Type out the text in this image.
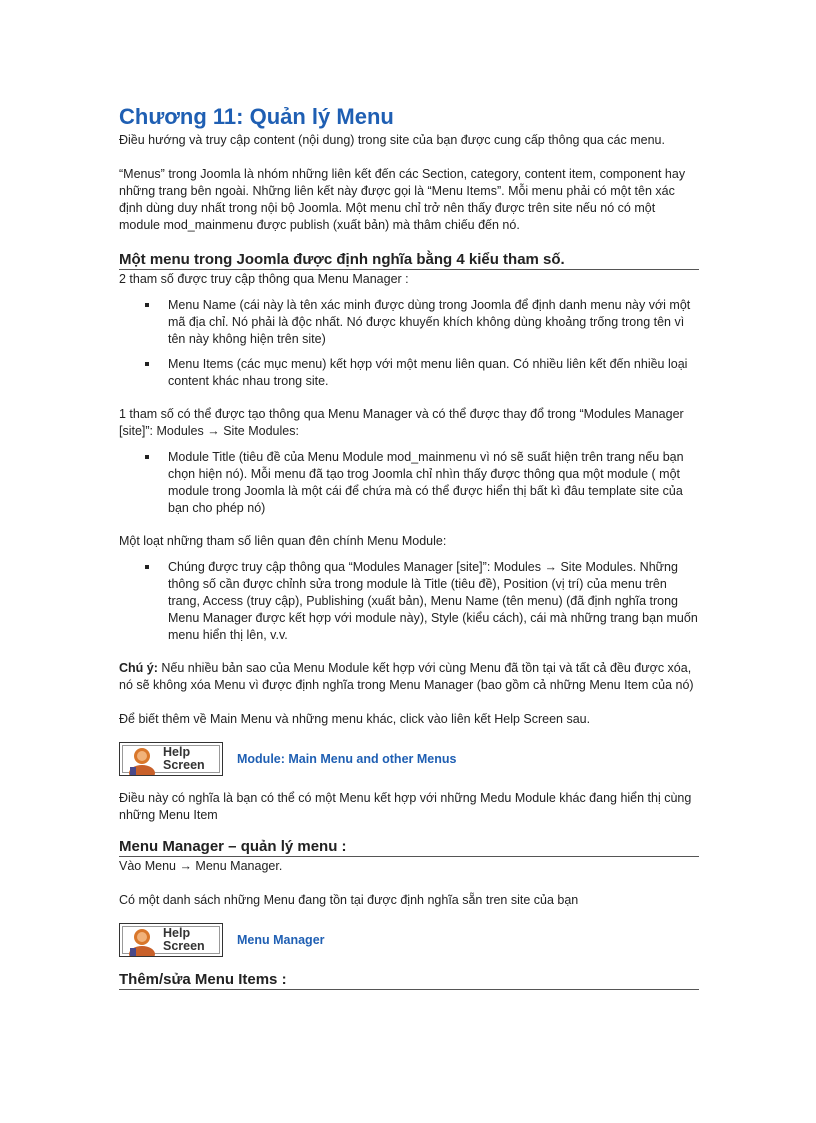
Chương 11: Quản lý Menu

Điều hướng và truy cập content (nội dung) trong site của bạn được cung cấp thông qua các menu.

“Menus” trong Joomla là nhóm những liên kết đến các Section, category, content item, component hay những trang bên ngoài. Những liên kết này được gọi là “Menu Items”. Mỗi menu phải có một tên xác định dùng duy nhất trong nội bộ Joomla. Một menu chỉ trở nên thấy được trên site nếu nó có một module mod_mainmenu được publish (xuất bản) mà thâm chiếu đến nó.

Một menu trong Joomla được định nghĩa bằng 4 kiểu tham số.

2 tham số được truy cập thông qua Menu Manager :

Menu Name (cái này là tên xác minh được dùng trong Joomla để định danh menu này với một mã địa chỉ. Nó phải là độc nhất. Nó được khuyến khích không dùng khoảng trống trong tên vì tên này không hiện trên site)
Menu Items (các mục menu) kết hợp với một menu liên quan. Có nhiều liên kết đến nhiều loại content khác nhau trong site.

1 tham số có thể được tạo thông qua Menu Manager và có thể được thay đổ trong “Modules Manager [site]”: Modules → Site Modules:

Module Title (tiêu đề của Menu Module mod_mainmenu vì nó sẽ suất hiện trên trang nếu bạn chọn hiện nó). Mỗi menu đã tạo trog Joomla chỉ nhìn thấy được thông qua một module ( một module trong Joomla là một cái để chứa mà có thể được hiển thị bất kì đâu template site của bạn cho phép nó)

Một loạt những tham số liên quan đên chính Menu Module:

Chúng được truy cập thông qua “Modules Manager [site]”: Modules → Site Modules. Những thông số cần được chỉnh sửa trong module là Title (tiêu đề), Position (vị trí) của menu trên trang, Access (truy cập), Publishing (xuất bản), Menu Name (tên menu) (đã định nghĩa trong Menu Manager được kết hợp với module này), Style (kiểu cách), cái mà những trang bạn muốn menu hiển thị lên, v.v.

Chú ý: Nếu nhiều bản sao của Menu Module kết hợp với cùng Menu đã tồn tại và tất cả đều được xóa, nó sẽ không xóa Menu vì được định nghĩa trong Menu Manager (bao gồm cả những Menu Item của nó)

Để biết thêm về Main Menu và những menu khác, click vào liên kết Help Screen sau.

Help
Screen	Module: Main Menu and other Menus

Điều này có nghĩa là bạn có thể có một Menu kết hợp với những Medu Module khác đang hiển thị cùng những Menu Item

Menu Manager – quản lý menu :

Vào Menu → Menu Manager.

Có một danh sách những Menu đang tồn tại được định nghĩa sẵn tren site của bạn

Help
Screen	Menu Manager
Thêm/sửa Menu Items :
